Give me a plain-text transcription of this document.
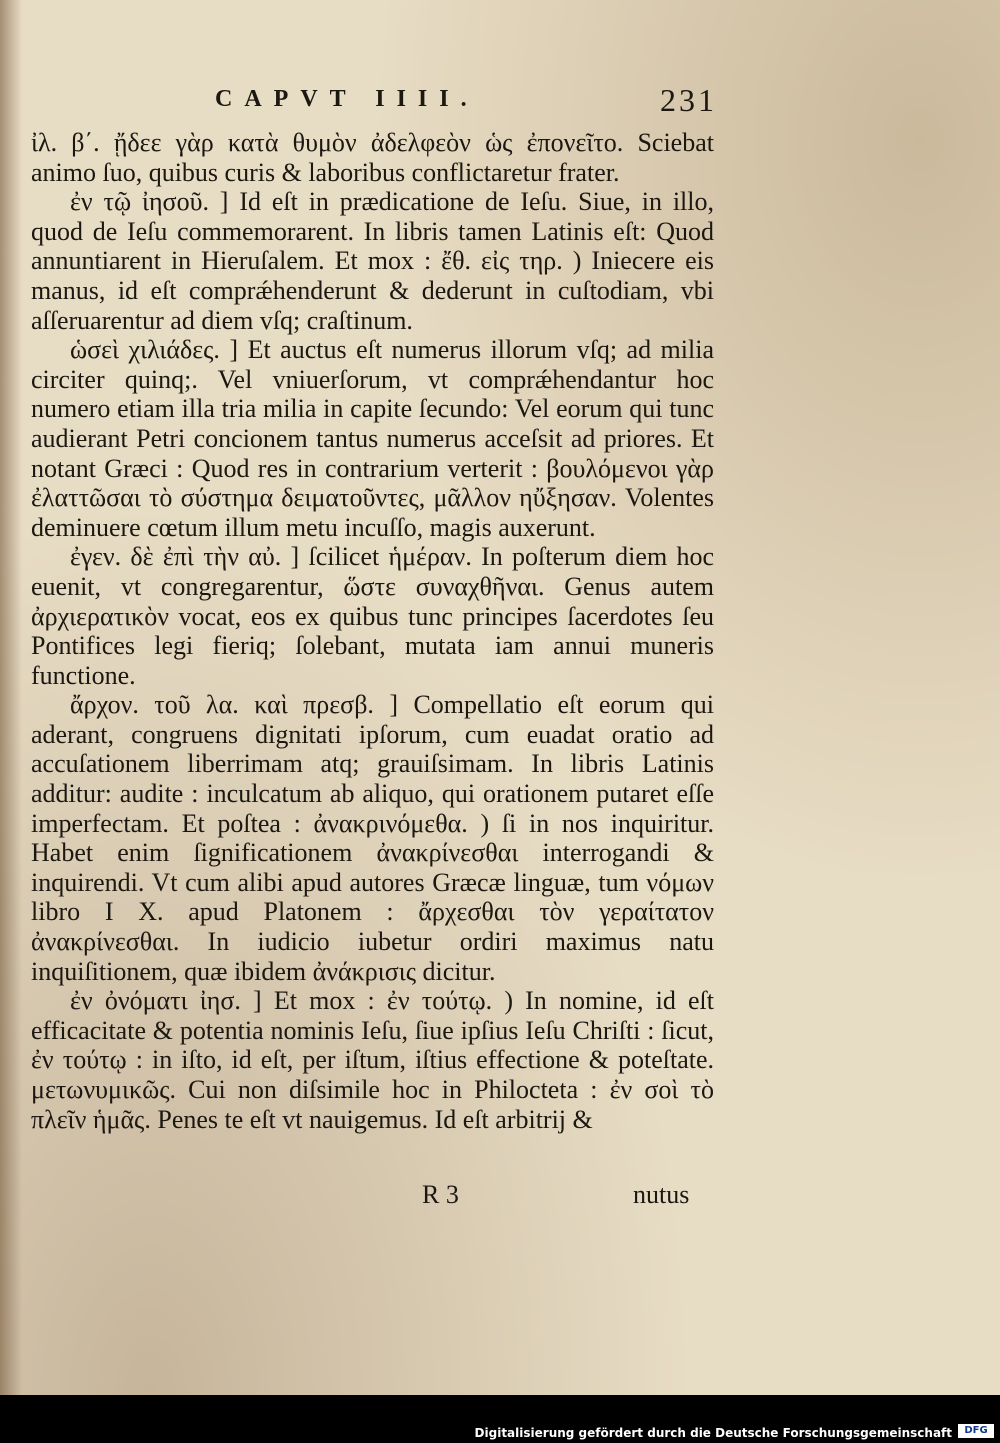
CAPVT IIII.	231

ἰλ. β΄. ᾔδεε γὰρ κατὰ θυμὸν ἀδελφεὸν ὡς ἐπονεῖτο. Sciebat animo ſuo, quibus curis & laboribus conflictaretur frater.

ἐν τῷ ἰησοῦ. ] Id eſt in prædicatione de Ieſu. Siue, in illo, quod de Ieſu commemorarent. In libris tamen Latinis eſt: Quod annuntiarent in Hieruſalem. Et mox : ἔθ. εἰς τηρ. ) Iniecere eis manus, id eſt comprǽhenderunt & dederunt in cuſtodiam, vbi aſſeruarentur ad diem vſq; craſtinum.

ὡσεὶ χιλιάδες. ] Et auctus eſt numerus illorum vſq; ad milia circiter quinq;. Vel vniuerſorum, vt comprǽhendantur hoc numero etiam illa tria milia in capite ſecundo: Vel eorum qui tunc audierant Petri concionem tantus numerus acceſsit ad priores. Et notant Græci : Quod res in contrarium verterit : βουλόμενοι γὰρ ἐλαττῶσαι τὸ σύστημα δειματοῦντες, μᾶλλον ηὔξησαν. Volentes deminuere cœtum illum metu incuſſo, magis auxerunt.

ἐγεν. δὲ ἐπὶ τὴν αὐ. ] ſcilicet ἡμέραν. In poſterum diem hoc euenit, vt congregarentur, ὥστε συναχθῆναι. Genus autem ἀρχιερατικὸν vocat, eos ex quibus tunc principes ſacerdotes ſeu Pontifices legi fieriq; ſolebant, mutata iam annui muneris functione.

ἄρχον. τοῦ λα. καὶ πρεσβ. ] Compellatio eſt eorum qui aderant, congruens dignitati ipſorum, cum euadat oratio ad accuſationem liberrimam atq; grauiſsimam. In libris Latinis additur: audite : inculcatum ab aliquo, qui orationem putaret eſſe imperfectam. Et poſtea : ἀνακρινόμεθα. ) ſi in nos inquiritur. Habet enim ſignificationem ἀνακρίνεσθαι interrogandi & inquirendi. Vt cum alibi apud autores Græcæ linguæ, tum νόμων libro I X. apud Platonem : ἄρχεσθαι τὸν γεραίτατον ἀνακρίνεσθαι. In iudicio iubetur ordiri maximus natu inquiſitionem, quæ ibidem ἀνάκρισις dicitur.

ἐν ὀνόματι ἰησ. ] Et mox : ἐν τούτῳ. ) In nomine, id eſt efficacitate & potentia nominis Ieſu, ſiue ipſius Ieſu Chriſti : ſicut, ἐν τούτῳ : in iſto, id eſt, per iſtum, iſtius effectione & poteſtate. μετωνυμικῶς. Cui non diſsimile hoc in Philocteta : ἐν σοὶ τὸ πλεῖν ἡμᾶς. Penes te eſt vt nauigemus. Id eſt arbitrij &

R 3	nutus

Digitalisierung gefördert durch die Deutsche Forschungsgemeinschaft	DFG
